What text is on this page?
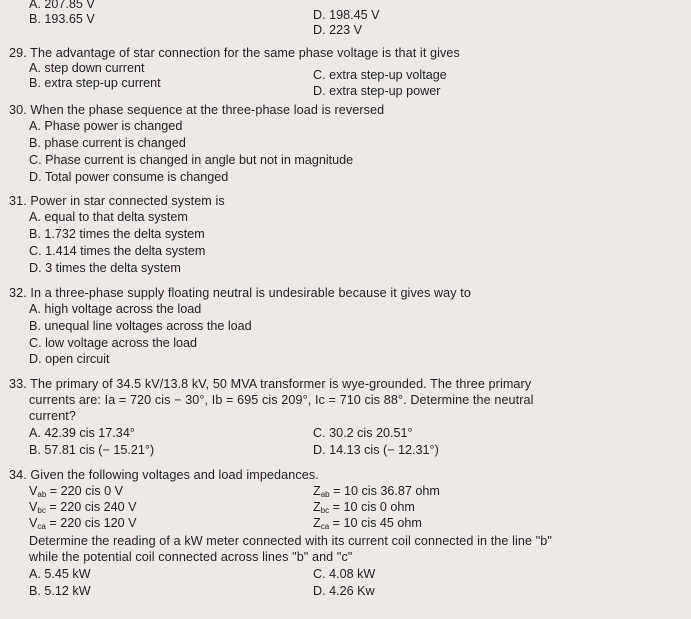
A. 207.85 V
B. 193.65 V	D. 198.45 V
D. 223 V
29. The advantage of star connection for the same phase voltage is that it gives
A. step down current
B. extra step-up current
C. extra step-up voltage
D. extra step-up power
30. When the phase sequence at the three-phase load is reversed
A. Phase power is changed
B. phase current is changed
C. Phase current is changed in angle but not in magnitude
D. Total power consume is changed
31. Power in star connected system is
A. equal to that delta system
B. 1.732 times the delta system
C. 1.414 times the delta system
D. 3 times the delta system
32. In a three-phase supply floating neutral is undesirable because it gives way to
A. high voltage across the load
B. unequal line voltages across the load
C. low voltage across the load
D. open circuit
33. The primary of 34.5 kV/13.8 kV, 50 MVA transformer is wye-grounded. The three primary
currents are: Ia = 720 cis − 30°, Ib = 695 cis 209°, Ic = 710 cis 88°. Determine the neutral
current?
A. 42.39 cis 17.34°
B. 57.81 cis (− 15.21°)
C. 30.2 cis 20.51°
D. 14.13 cis (− 12.31°)
34. Given the following voltages and load impedances.
$V_{ab} = 220$ cis 0 V
$V_{bc} = 220$ cis 240 V
$V_{ca} = 220$ cis 120 V
$Z_{ab} = 10$ cis 36.87 ohm
$Z_{bc} = 10$ cis 0 ohm
$Z_{ca} = 10$ cis 45 ohm
Determine the reading of a kW meter connected with its current coil connected in the line "b"
while the potential coil connected across lines "b" and "c"
A. 5.45 kW
B. 5.12 kW
C. 4.08 kW
D. 4.26 Kw
